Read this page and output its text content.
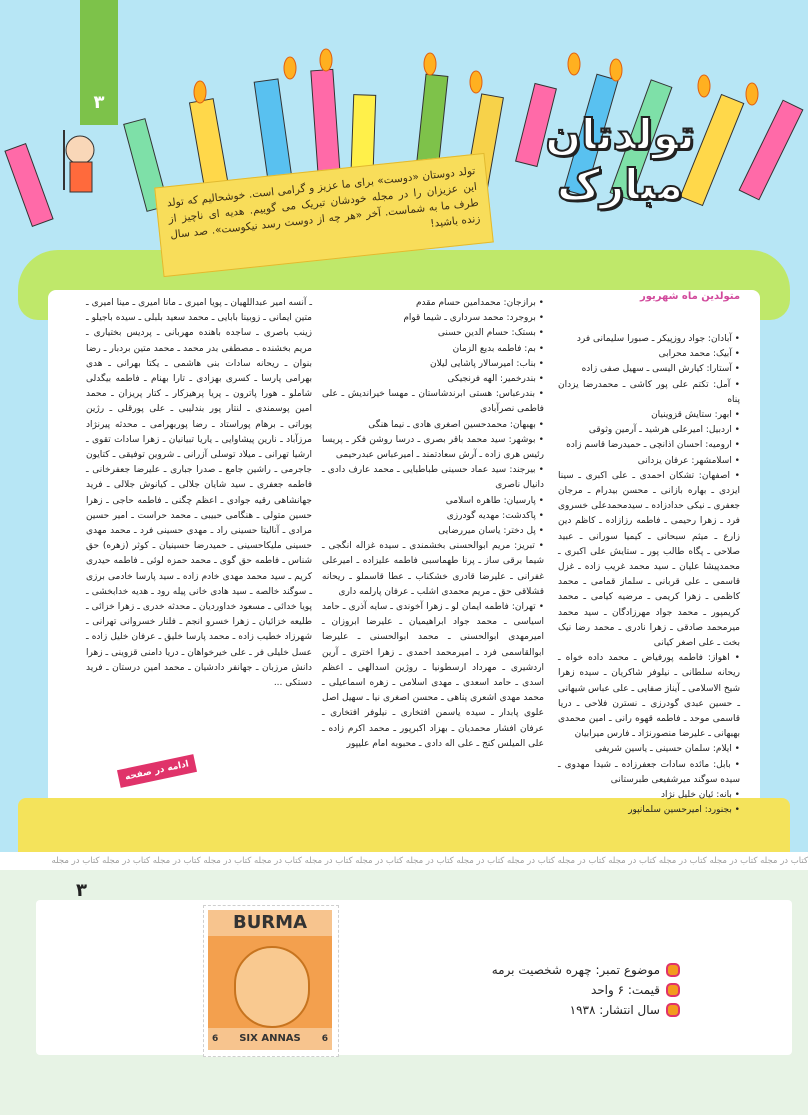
۳
تولدتان
مبارک
تولد دوستان «دوست» برای ما عزیز و گرامی است. خوشحالیم که تولد این عزیزان را در مجله خودشان تبریک می گوییم. هدیه ای ناچیز از طرف ما به شماست. آخر «هر چه از دوست رسد نیکوست». صد سال زنده باشید!
متولدین ماه شهریور

• آبادان: جواد روزپیکر ـ صبورا سلیمانی فرد

• آبیک: محمد محرابی

• آستارا: کیارش الیسی ـ سهیل صفی زاده

• آمل: تکتم علی پور کاشی ـ محمدرضا یزدان پناه

• ابهر: ستایش قزوینیان

• اردبیل: امیرعلی هرشید ـ آرمین وثوقی

• ارومیه: احسان اذانچی ـ حمیدرضا قاسم زاده

• اسلامشهر: عرفان یزدانی

• اصفهان: تشکان احمدی ـ علی اکبری ـ سینا ایزدی ـ بهاره بازانی ـ محسن بیدرام ـ مرجان جعفری ـ نیکی حدادزاده ـ سیدمحمدعلی خسروی فرد ـ زهرا رحیمی ـ فاطمه رزازاده ـ کاظم دین زارع ـ میثم سبحانی ـ کیمیا سورانی ـ عبید صلاحی ـ پگاه طالب پور ـ ستایش علی اکبری ـ محمدپیشا علیان ـ سید محمد غریب زاده ـ غزل قاسمی ـ علی قربانی ـ سلماز قمامی ـ محمد کاظمی ـ زهرا کریمی ـ مرضیه کیامی ـ محمد کریمپور ـ محمد جواد مهرزادگان ـ سید محمد میرمحمد صادقی ـ زهرا نادری ـ محمد رضا نیک بخت ـ علی اصغر کیانی

• اهواز: فاطمه پورفیاض ـ محمد داده خواه ـ ریحانه سلطانی ـ نیلوفر شاکریان ـ سیده زهرا شیخ الاسلامی ـ آیناز صفایی ـ علی عباس شیهانی ـ حسین عبدی گودرزی ـ نسترن فلاحی ـ دریا قاسمی موحد ـ فاطمه قهوه رانی ـ امین محمدی بهبهانی ـ علیرضا منصورنژاد ـ فارس میرابیان

• ایلام: سلمان حسینی ـ یاسین شریفی

• بابل: مائده سادات جعفرزاده ـ شیدا مهدوی ـ سیده سوگند میرشفیعی طبرستانی

• بانه: ئیان خلیل نژاد

• بجنورد: امیرحسین سلمانپور

• برازجان: محمدامین حسام مقدم

• بروجرد: محمد سرداری ـ شیما قوام

• بستک: حسام الدین حسنی

• بم: فاطمه بدیع الزمان

• بناب: امیرسالار پاشایی لیلان

• بندرخمیر: الهه فرنجیکی

• بندرعباس: هستی ابرندشاستان ـ مهسا خیراندیش ـ علی فاطمی نصرآبادی

• بهبهان: محمدحسین اصغری هادی ـ نیما هنگی

• بوشهر: سید محمد باقر بصری ـ درسا روشن فکر ـ پریسا رئیس هری زاده ـ آرش سعادتمند ـ امیرعباس عبدرحیمی

• بیرجند: سید عماد حسینی طباطبایی ـ محمد عارف دادی ـ دانیال ناصری

• پارسیان: طاهره اسلامی

• پاکدشت: مهدیه گودرزی

• پل دختر: یاسان میررضایی

• تبریز: مریم ابوالحسنی بخشمندی ـ سیده غزاله انگجی ـ شیما برقی ساز ـ پرنا طهماسبی فاطمه علیزاده ـ امیرعلی غفرانی ـ علیرضا قادری خشکناب ـ عطا قاسملو ـ ریحانه قشلاقی حق ـ مریم محمدی اشلب ـ عرفان پارلمه داری

• تهران: فاطمه ایمان لو ـ زهرا آخوندی ـ سایه آذری ـ حامد اسیاسی ـ محمد جواد ابراهیمیان ـ علیرضا ابروزان ـ امیرمهدی ابوالحسنی ـ محمد ابوالحسنی ـ علیرضا ابوالقاسمی فرد ـ امیرمحمد احمدی ـ زهرا اختری ـ آرین اردشیری ـ مهرداد ارسطونیا ـ روژین اسدالهی ـ اعظم اسدی ـ حامد اسعدی ـ مهدی اسلامی ـ زهره اسماعیلی ـ محمد مهدی اشعری پناهی ـ محسن اصغری نیا ـ سهیل اصل علوی پابدار ـ سیده یاسمن افتخاری ـ نیلوفر افتخاری ـ عرفان افشار محمدیان ـ بهزاد اکبرپور ـ محمد اکرم زاده ـ علی المیلس کنج ـ علی اله دادی ـ محبوبه امام علیپور

ـ آنسه امیر عبداللهیان ـ پویا امیری ـ مانا امیری ـ مینا امیری ـ متین ایمانی ـ زوبینا بابایی ـ محمد سعید بلبلی ـ سیده باجیلو ـ زینب باصری ـ ساجده باهنده مهربانی ـ پردیس بختیاری ـ مریم بخشنده ـ مصطفی بدر محمد ـ محمد متین بردبار ـ رضا بنوان ـ ریحانه سادات بنی هاشمی ـ یکتا بهرانی ـ هدی بهرامی پارسا ـ کسری بهزادی ـ تارا بهنام ـ فاطمه بیگدلی شاملو ـ هورا پاترون ـ پریا پرهیزکار ـ کتار پریزان ـ محمد امین پوسمندی ـ لنتار پور بندلیبی ـ علی پورقلی ـ رژین پوراتی ـ برهام پوراستاد ـ رضا پوربهرامی ـ محدثه پیرنژاد مرزآباد ـ نارین پیشاوایی ـ یاریا تبیانیان ـ زهرا سادات تقوی ـ ارشیا تهرانی ـ میلاد توسلی آزرانی ـ شروین توفیقی ـ کتایون جاجرمی ـ راشین جامع ـ صدرا جباری ـ علیرضا جعفرخانی ـ فاطمه جعفری ـ سید شایان جلالی ـ کیانوش جلالی ـ فرید جهانشاهی رقیه جوادی ـ اعظم چگنی ـ فاطمه حاجی ـ زهرا حسین متولی ـ هنگامی حبیبی ـ محمد حراست ـ امیر حسین مرادی ـ آنالیتا حسینی راد ـ مهدی حسینی فرد ـ محمد مهدی حسینی ملیکاحسینی ـ حمیدرضا حسینیان ـ کوثر (زهره) حق شناس ـ فاطمه حق گوی ـ محمد حمزه لوئی ـ فاطمه حیدری کریم ـ سید محمد مهدی خادم زاده ـ سید پارسا خادمی برزی ـ سوگند خالصه ـ سید هادی خانی پیله رود ـ هدیه خدابخشی ـ پویا خدائی ـ مسعود خداوردیان ـ محدثه خدری ـ زهرا خزائی ـ طلیعه خزائیان ـ زهرا خسرو انجم ـ فلنار خسروانی تهرانی ـ شهرزاد خطیب زاده ـ محمد پارسا خلیق ـ عرفان خلیل زاده ـ عسل خلیلی فر ـ علی خیرخواهان ـ دریا دامنی قزوینی ـ زهرا دانش مرزبان ـ جهانفر دادشیان ـ محمد امین درستان ـ فرید دستکی ...

ادامه در صفحه ۴۰
کتاب در مجله کتاب در مجله کتاب در مجله کتاب در مجله کتاب در مجله کتاب در مجله کتاب در مجله کتاب در مجله کتاب در مجله کتاب در مجله کتاب در مجله کتاب در مجله کتاب در مجله کتاب در مجله کتاب در مجله
۳
BURMA
6 SIX ANNAS 6
موضوع تمبر: چهره شخصیت برمه
قیمت: ۶ واحد
سال انتشار: ۱۹۳۸
